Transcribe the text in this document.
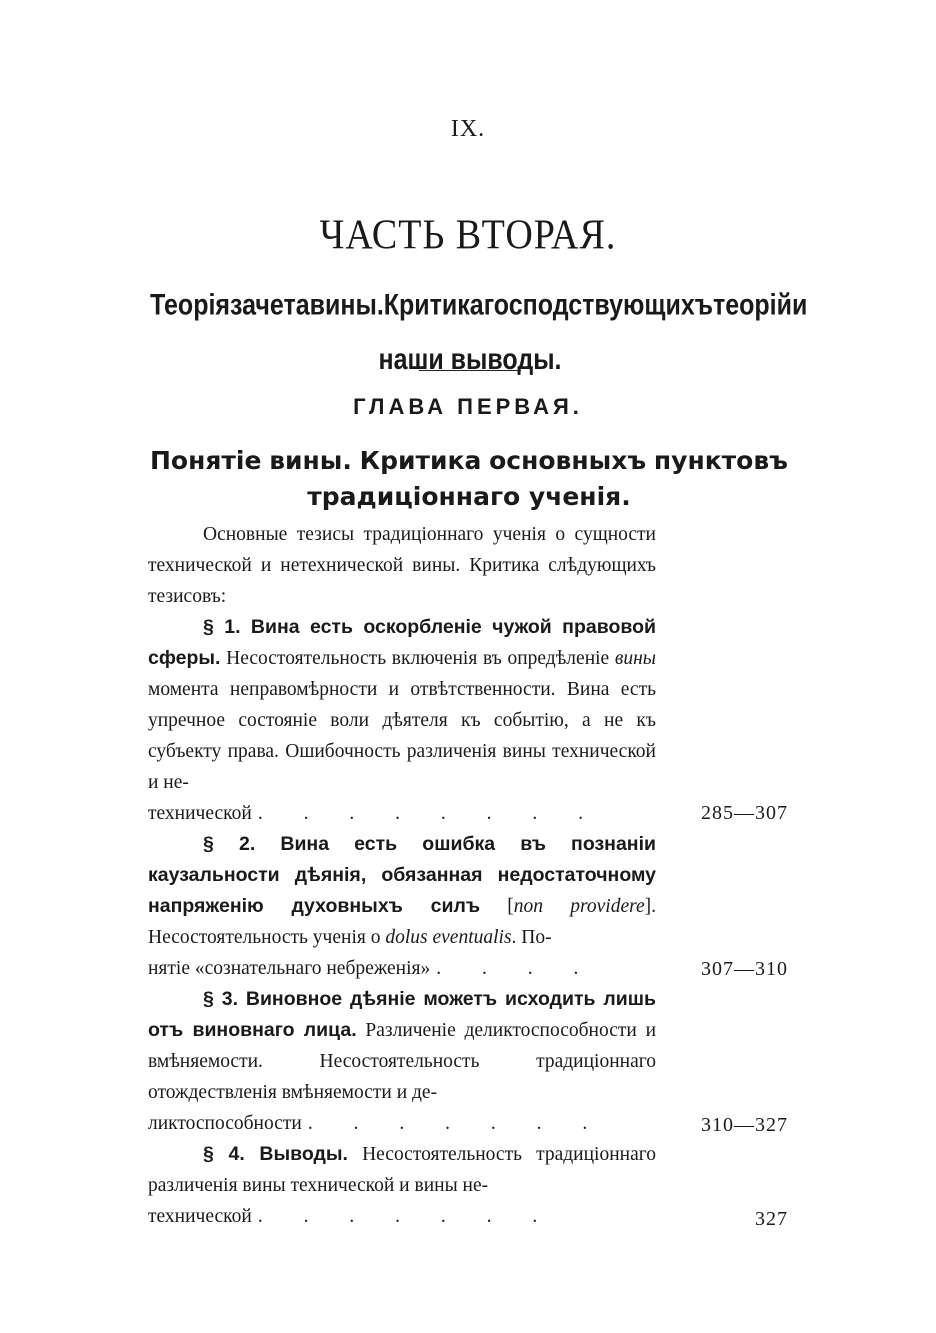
IX.
ЧАСТЬ ВТОРАЯ.
Теорія зачета вины. Критика господствующихъ теорій и
наши выводы.
ГЛАВА ПЕРВАЯ.
Понятіе вины. Критика основныхъ пунктовъ
традиціоннаго ученія.

Основные тезисы традиціоннаго ученія о сущности технической и нетехнической вины. Критика слѣдующихъ тезисовъ:

§ 1. Вина есть оскорбленіе чужой правовой сферы. Несостоятельность включенія въ опредѣленіе вины момента неправомѣрности и отвѣтственности. Вина есть упречное состояніе воли дѣятеля къ событію, а не къ субъекту права. Ошибочность различенія вины технической и не-

технической . . . . . . . .

§ 2. Вина есть ошибка въ познаніи каузальности дѣянія, обязанная недостаточному напряженію духовныхъ силъ [non providere]. Несостоятельность ученія о dolus eventualis. По-

нятіе «сознательнаго небреженія» . . . .

§ 3. Виновное дѣяніе можетъ исходить лишь отъ виновнаго лица. Различеніе деликтоспособности и вмѣняемости. Несостоятельность традиціоннаго отождествленія вмѣняемости и де-

ликтоспособности . . . . . . .

§ 4. Выводы. Несостоятельность традиціоннаго различенія вины технической и вины не-

технической . . . . . . .
285—307
307—310
310—327
327
